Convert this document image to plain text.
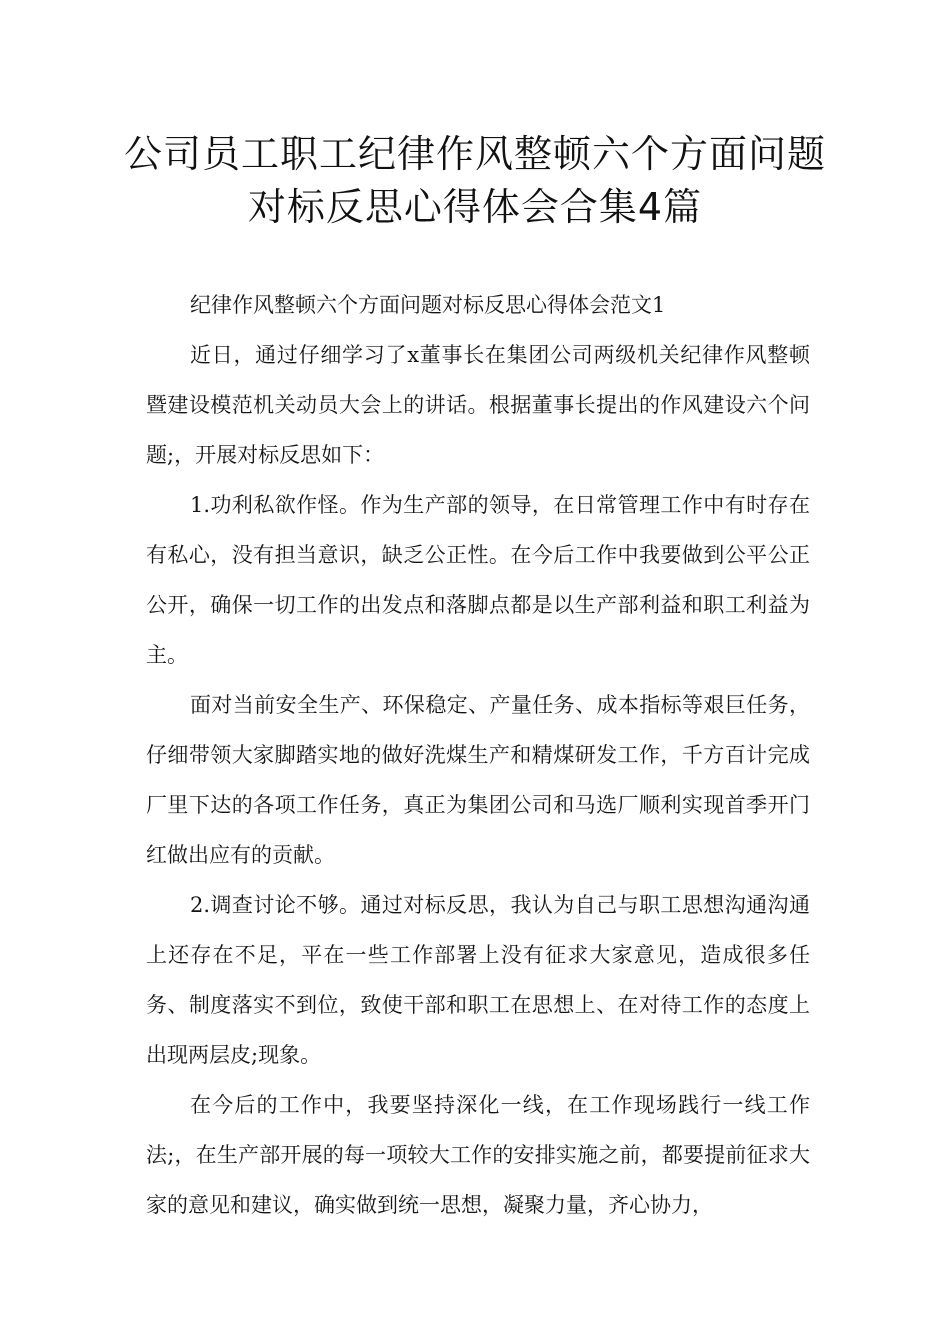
公司员工职工纪律作风整顿六个方面问题对标反思心得体会合集4篇

纪律作风整顿六个方面问题对标反思心得体会范文1

近日，通过仔细学习了x董事长在集团公司两级机关纪律作风整顿暨建设模范机关动员大会上的讲话。根据董事长提出的作风建设六个问题;，开展对标反思如下：

1.功利私欲作怪。作为生产部的领导，在日常管理工作中有时存在有私心，没有担当意识，缺乏公正性。在今后工作中我要做到公平公正公开，确保一切工作的出发点和落脚点都是以生产部利益和职工利益为主。

面对当前安全生产、环保稳定、产量任务、成本指标等艰巨任务，仔细带领大家脚踏实地的做好洗煤生产和精煤研发工作，千方百计完成厂里下达的各项工作任务，真正为集团公司和马选厂顺利实现首季开门红做出应有的贡献。

2.调查讨论不够。通过对标反思，我认为自己与职工思想沟通沟通上还存在不足，平在一些工作部署上没有征求大家意见，造成很多任务、制度落实不到位，致使干部和职工在思想上、在对待工作的态度上出现两层皮;现象。

在今后的工作中，我要坚持深化一线，在工作现场践行一线工作法;，在生产部开展的每一项较大工作的安排实施之前，都要提前征求大家的意见和建议，确实做到统一思想，凝聚力量，齐心协力，
